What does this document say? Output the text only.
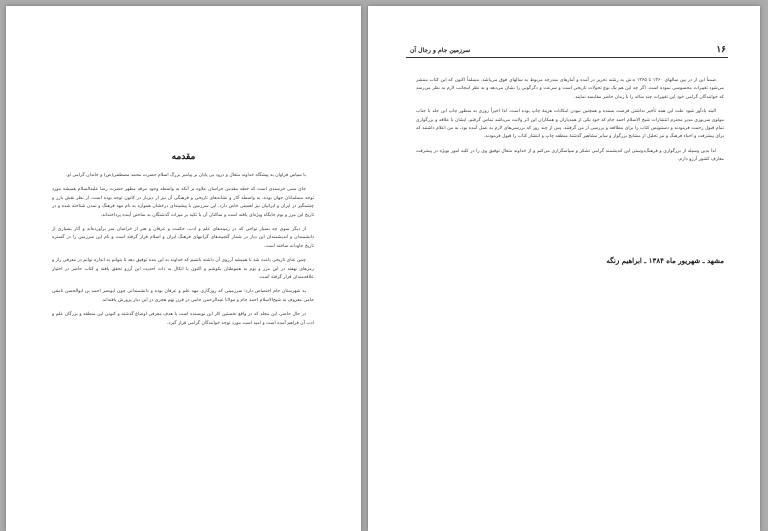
مقدمه

با سپاس فراوان به پیشگاه خداوند متعال و درود بی پایان بر پیامبر بزرگ اسلام حضرت محمد مصطفی(ص) و خاندان گرامی او.

جای بسی خرسندی است که خطه مقدس خراسان علاوه بر آنکه به واسطه وجود مرقد مطهر حضرت رضا علیه‌السلام همیشه مورد توجه مسلمانان جهان بوده، به واسطه آثار و نشانه‌های تاریخی و فرهنگی آن نیز از دیرباز در کانون توجه بوده است. از نظر نقش بارز و چشمگیر در ایران و ایرانیان نیز اهمیتی خاص دارد. این سرزمین با پیشینه‌ای درخشان همواره به نام مهد فرهنگ و تمدن شناخته شده و در تاریخ این مرز و بوم جایگاه ویژه‌ای یافته است و ساکنان آن با تکیه بر میراث گذشتگان به ساختن آینده پرداخته‌اند.

از دیگر سوی چه بسیار نواحی که در زمینه‌های علم و ادب، حکمت و عرفان و هنر از خراسان سر برآورده‌اند و آثار بسیاری از دانشمندان و اندیشمندان این دیار در شمار گنجینه‌های گرانبهای فرهنگ ایران و اسلام قرار گرفته است و نام این سرزمین را در گستره تاریخ جاودانه ساخته است.

چنین غنای تاریخی باعث شد تا همیشه آرزوی آن داشته باشیم که خداوند به این بنده توفیق دهد تا بتوانم به اندازه توانم در معرفی راز و رمزهای نهفته در این مرز و بوم به هموطنان بکوشم و اکنون با اتکال به ذات احدیت این آرزو تحقق یافته و کتاب حاضر در اختیار علاقه‌مندان قرار گرفته است.

به شهرستان جام اختصاص دارد؛ سرزمینی که روزگاری مهد علم و عرفان بوده و دانشمندانی چون ابونصر احمد بن ابوالحسن نامقی جامی معروف به شیخ‌الاسلام احمد جام و مولانا عبدالرحمن جامی در قرن نهم هجری در این دیار پرورش یافته‌اند.

در حال حاضر، این مجلد که در واقع نخستین کار این نویسنده است با هدف معرفی اوضاع گذشته و کنونی این منطقه و بزرگان علم و ادب آن فراهم آمده است و امید است مورد توجه خوانندگان گرامی قرار گیرد.

۱۶
سرزمین جام و رجال آن

ضمناً این از در بین سالهای ۱۳۶۰ تا ۱۳۶۵ ه.ش به رشته تحریر در آمده و آمارهای مندرجه مربوط به سالهای فوق می‌باشد. مسلماً اکنون که این کتاب منتشر می‌شود تغییرات محسوسی نموده است. اگر چه این هم یک نوع تحولات تاریخی است و سرعت و دگرگونی را نشان می‌دهد و به نظر اینجانب لازم به نظر می‌رسد که خوانندگان گرامی خود این تغییرات چند ساله را با زمان حاضر مقایسه نمایند.

البته یادآور شود علت این همه تأخیر نداشتن فرصت بسنده و همچنین نبودن امکانات هزینهٔ چاپ بوده است. لذا اخیراً روزی به منظور چاپ این جلد با جناب مولوی سربوزی مدیر محترم انتشارات شیخ الاسلام احمد جام که خود یکی از همدیاران و همکاران این اثر ولایت می‌باشد تماس گرفتم. ایشان با علاقه و بزرگواری تمام قبول زحمت فرمودند و دستنویس کتاب را برای مطالعه و بررسی از من گرفتند. پس از چند روز که بررسی‌های لازم به عمل آمده بود، به من اعلام داشتند که برای پیشرفت و احیاء فرهنگ و نیز تحلیل از مشایخ بزرگوار و سایر مشاهیر گذشتهٔ منطقه چاپ و انتشار کتاب را قبول فرمودند.

لذا بدین وسیله از بزرگواری و فرهنگ‌دوستی این اندیشمند گرامی تشکر و سپاسگزاری می‌کنم و از خداوند متعال توفیق وی را در کلیه امور بویژه در پیشرفت معارف کشور آرزو دارم.

مشهد ـ شهریور ماه ۱۳۸۴ ـ ابراهیم زنگه
